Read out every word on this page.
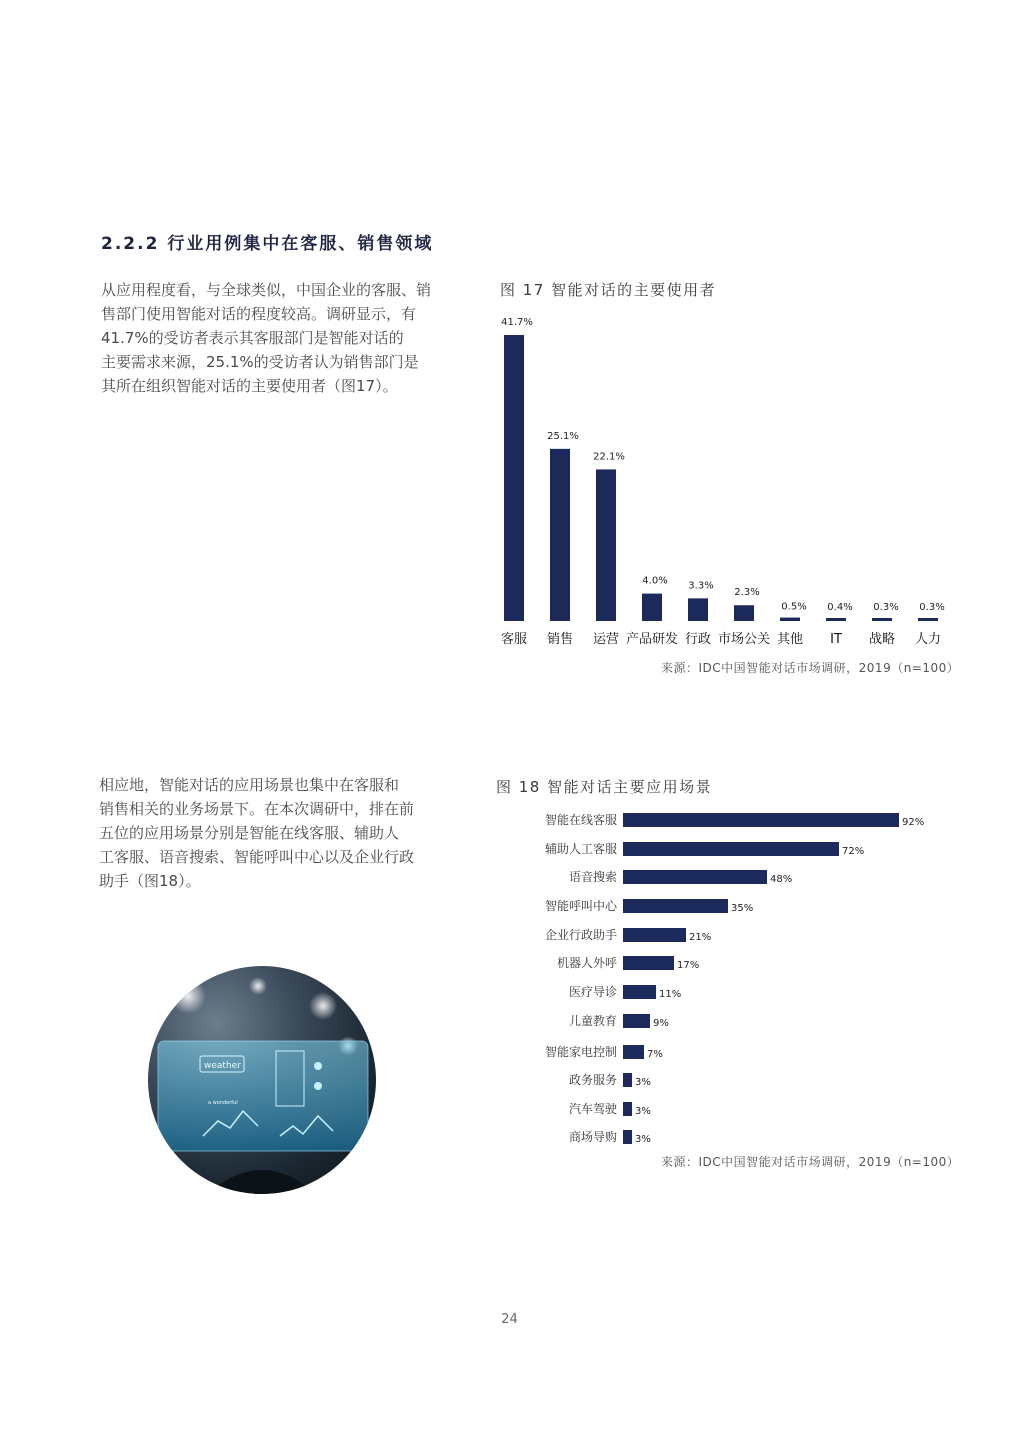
2.2.2 行业用例集中在客服、销售领域
从应用程度看，与全球类似，中国企业的客服、销
售部门使用智能对话的程度较高。调研显示，有
41.7%的受访者表示其客服部门是智能对话的
主要需求来源，25.1%的受访者认为销售部门是
其所在组织智能对话的主要使用者（图17）。
图 17 智能对话的主要使用者
41.7%
客服
25.1%
销售
22.1%
运营
4.0%
产品研发
3.3%
行政
2.3%
市场公关
0.5%
其他
0.4%
IT
0.3%
战略
0.3%
人力
来源：IDC中国智能对话市场调研，2019（n=100）
相应地，智能对话的应用场景也集中在客服和
销售相关的业务场景下。在本次调研中，排在前
五位的应用场景分别是智能在线客服、辅助人
工客服、语音搜索、智能呼叫中心以及企业行政
助手（图18）。
图 18 智能对话主要应用场景
智能在线客服	92%
辅助人工客服	72%
语音搜索	48%
智能呼叫中心	35%
企业行政助手	21%
机器人外呼	17%
医疗导诊	11%
儿童教育	9%
智能家电控制	7%
政务服务 3%
汽车驾驶 3%
商场导购 3%
来源：IDC中国智能对话市场调研，2019（n=100）
weather
a wonderful
24
